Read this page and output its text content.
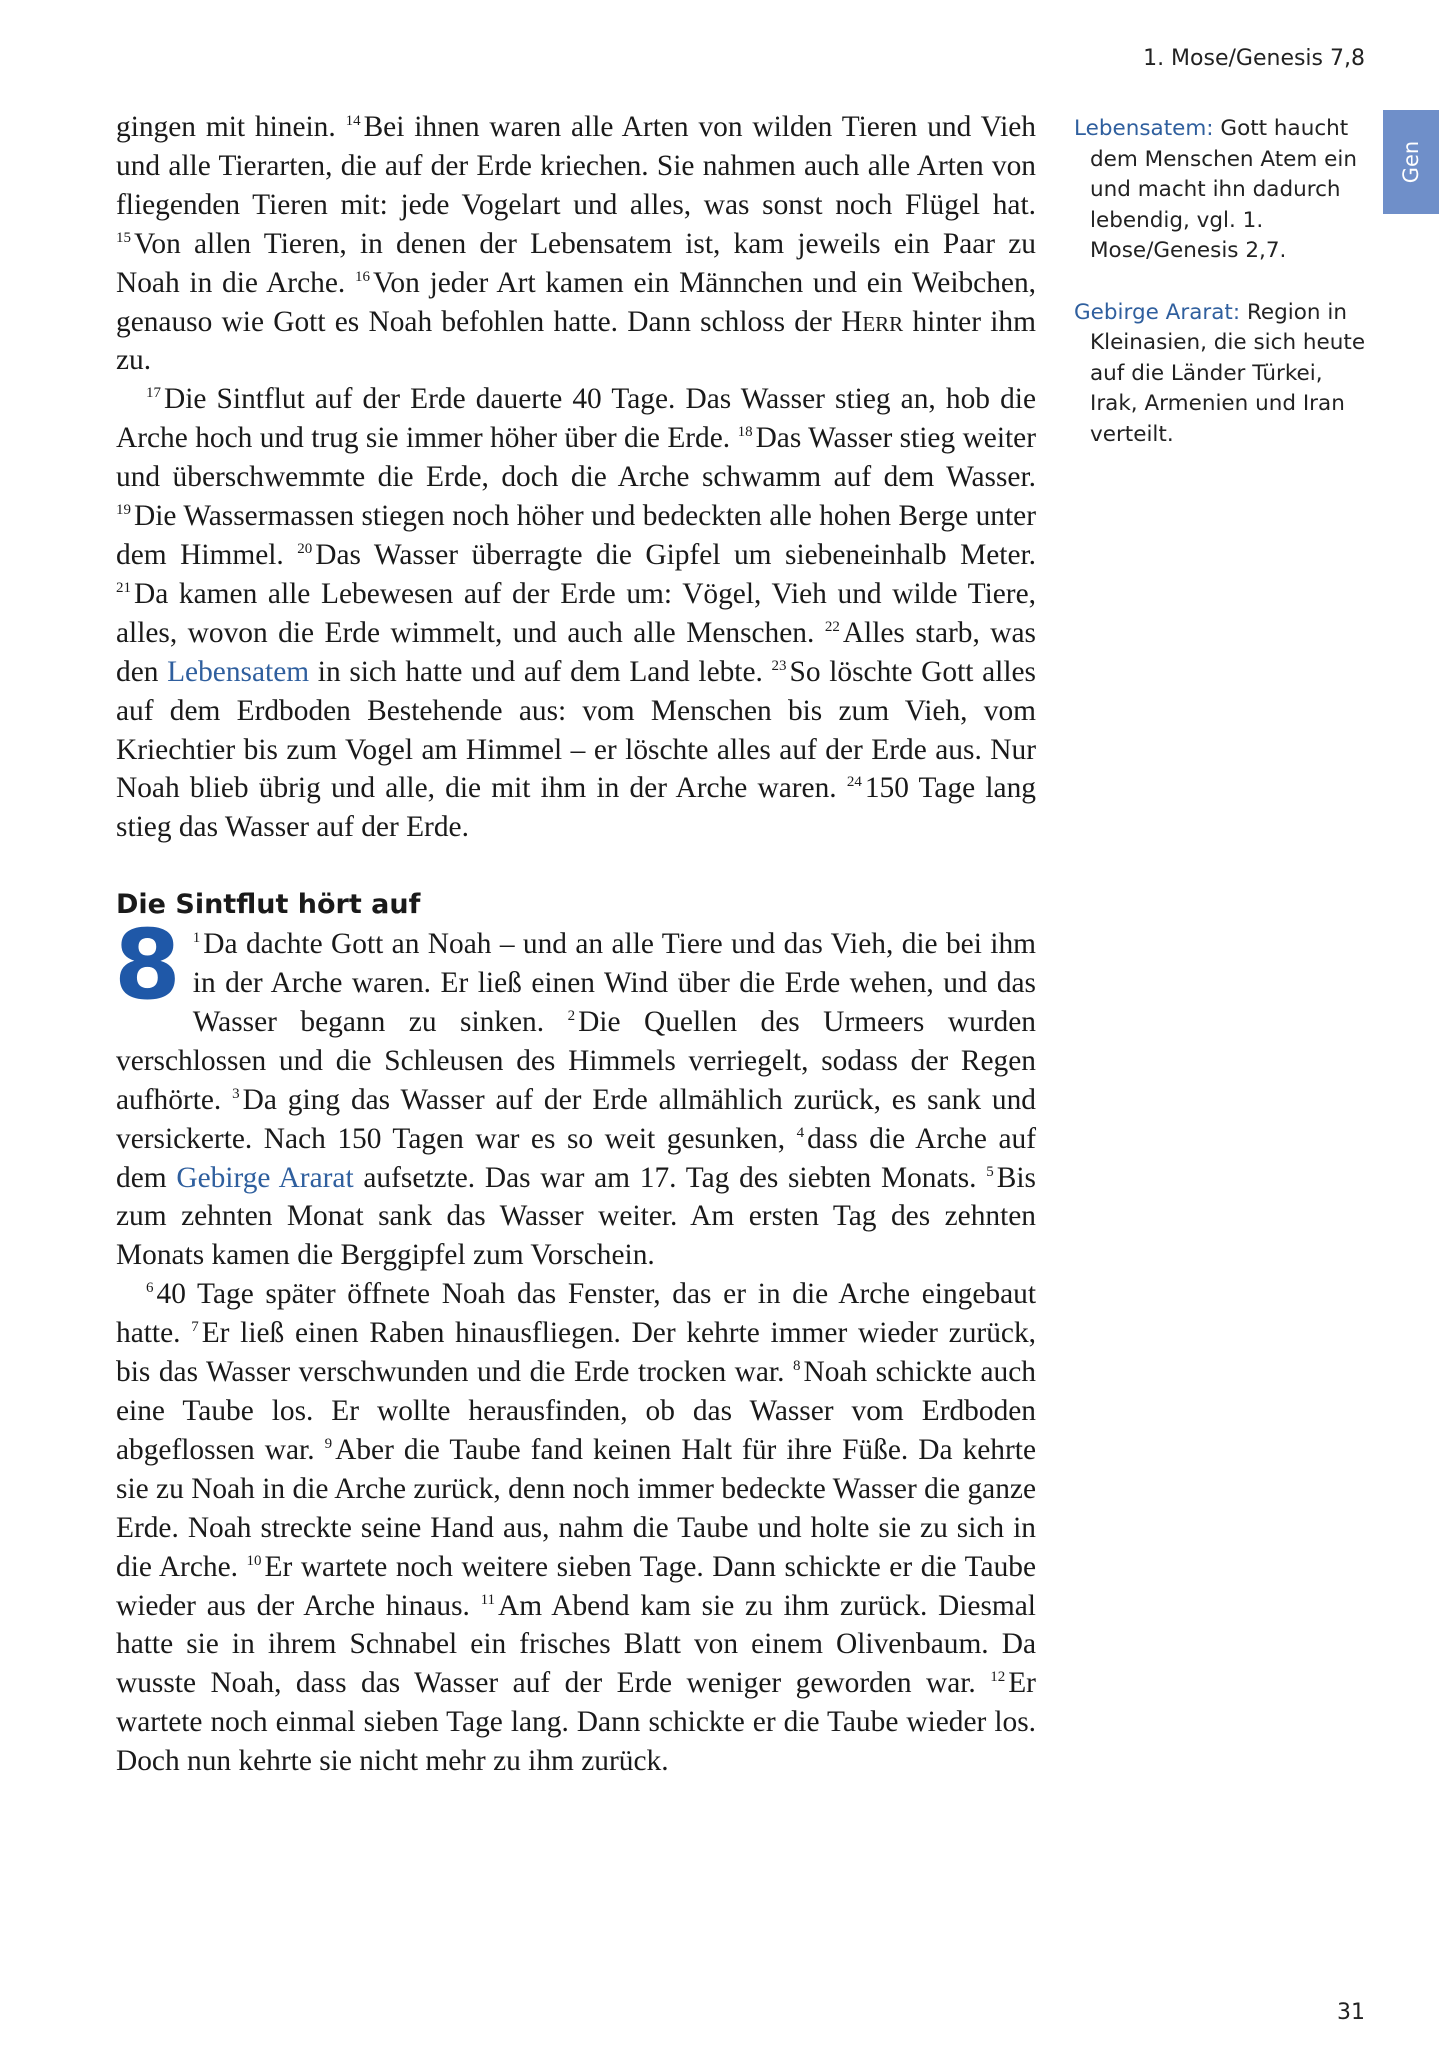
1. Mose/Genesis 7,8
Gen

gingen mit hinein. $^{14}$ Bei ihnen waren alle Arten von wilden Tieren und Vieh und alle Tierarten, die auf der Erde kriechen. Sie nahmen auch alle Arten von fliegenden Tieren mit: jede Vogelart und alles, was sonst noch Flügel hat. $^{15}$ Von allen Tieren, in denen der Lebensatem ist, kam jeweils ein Paar zu Noah in die Arche. $^{16}$ Von jeder Art kamen ein Männchen und ein Weibchen, genauso wie Gott es Noah befohlen hatte. Dann schloss der Herr hinter ihm zu.

$^{17}$ Die Sintflut auf der Erde dauerte 40 Tage. Das Wasser stieg an, hob die Arche hoch und trug sie immer höher über die Erde. $^{18}$ Das Wasser stieg weiter und überschwemmte die Erde, doch die Arche schwamm auf dem Wasser. $^{19}$ Die Wassermassen stiegen noch höher und bedeckten alle hohen Berge unter dem Himmel. $^{20}$ Das Wasser überragte die Gipfel um siebeneinhalb Meter. $^{21}$ Da kamen alle Lebewesen auf der Erde um: Vögel, Vieh und wilde Tiere, alles, wovon die Erde wimmelt, und auch alle Menschen. $^{22}$ Alles starb, was den Lebensatem in sich hatte und auf dem Land lebte. $^{23}$ So löschte Gott alles auf dem Erdboden Bestehende aus: vom Menschen bis zum Vieh, vom Kriechtier bis zum Vogel am Himmel – er löschte alles auf der Erde aus. Nur Noah blieb übrig und alle, die mit ihm in der Arche waren. $^{24}$ 150 Tage lang stieg das Wasser auf der Erde.

Die Sintflut hört auf

8 $^1$ Da dachte Gott an Noah – und an alle Tiere und das Vieh, die bei ihm in der Arche waren. Er ließ einen Wind über die Erde wehen, und das Wasser begann zu sinken. $^2$ Die Quellen des Urmeers wurden verschlossen und die Schleusen des Himmels verriegelt, sodass der Regen aufhörte. $^3$ Da ging das Wasser auf der Erde allmählich zurück, es sank und versickerte. Nach 150 Tagen war es so weit gesunken, $^4$ dass die Arche auf dem Gebirge Ararat aufsetzte. Das war am 17. Tag des siebten Monats. $^5$ Bis zum zehnten Monat sank das Wasser weiter. Am ersten Tag des zehnten Monats kamen die Berggipfel zum Vorschein.

$^6$ 40 Tage später öffnete Noah das Fenster, das er in die Arche eingebaut hatte. $^7$ Er ließ einen Raben hinausfliegen. Der kehrte immer wieder zurück, bis das Wasser verschwunden und die Erde trocken war. $^8$ Noah schickte auch eine Taube los. Er wollte herausfinden, ob das Wasser vom Erdboden abgeflossen war. $^9$ Aber die Taube fand keinen Halt für ihre Füße. Da kehrte sie zu Noah in die Arche zurück, denn noch immer bedeckte Wasser die ganze Erde. Noah streckte seine Hand aus, nahm die Taube und holte sie zu sich in die Arche. $^{10}$ Er wartete noch weitere sieben Tage. Dann schickte er die Taube wieder aus der Arche hinaus. $^{11}$ Am Abend kam sie zu ihm zurück. Diesmal hatte sie in ihrem Schnabel ein frisches Blatt von einem Olivenbaum. Da wusste Noah, dass das Wasser auf der Erde weniger geworden war. $^{12}$ Er wartete noch einmal sieben Tage lang. Dann schickte er die Taube wieder los. Doch nun kehrte sie nicht mehr zu ihm zurück.

Lebensatem: Gott haucht dem Menschen Atem ein und macht ihn dadurch lebendig, vgl. 1. Mose/Genesis 2,7.
Gebirge Ararat: Region in Kleinasien, die sich heute auf die Länder Türkei, Irak, Armenien und Iran verteilt.
31
